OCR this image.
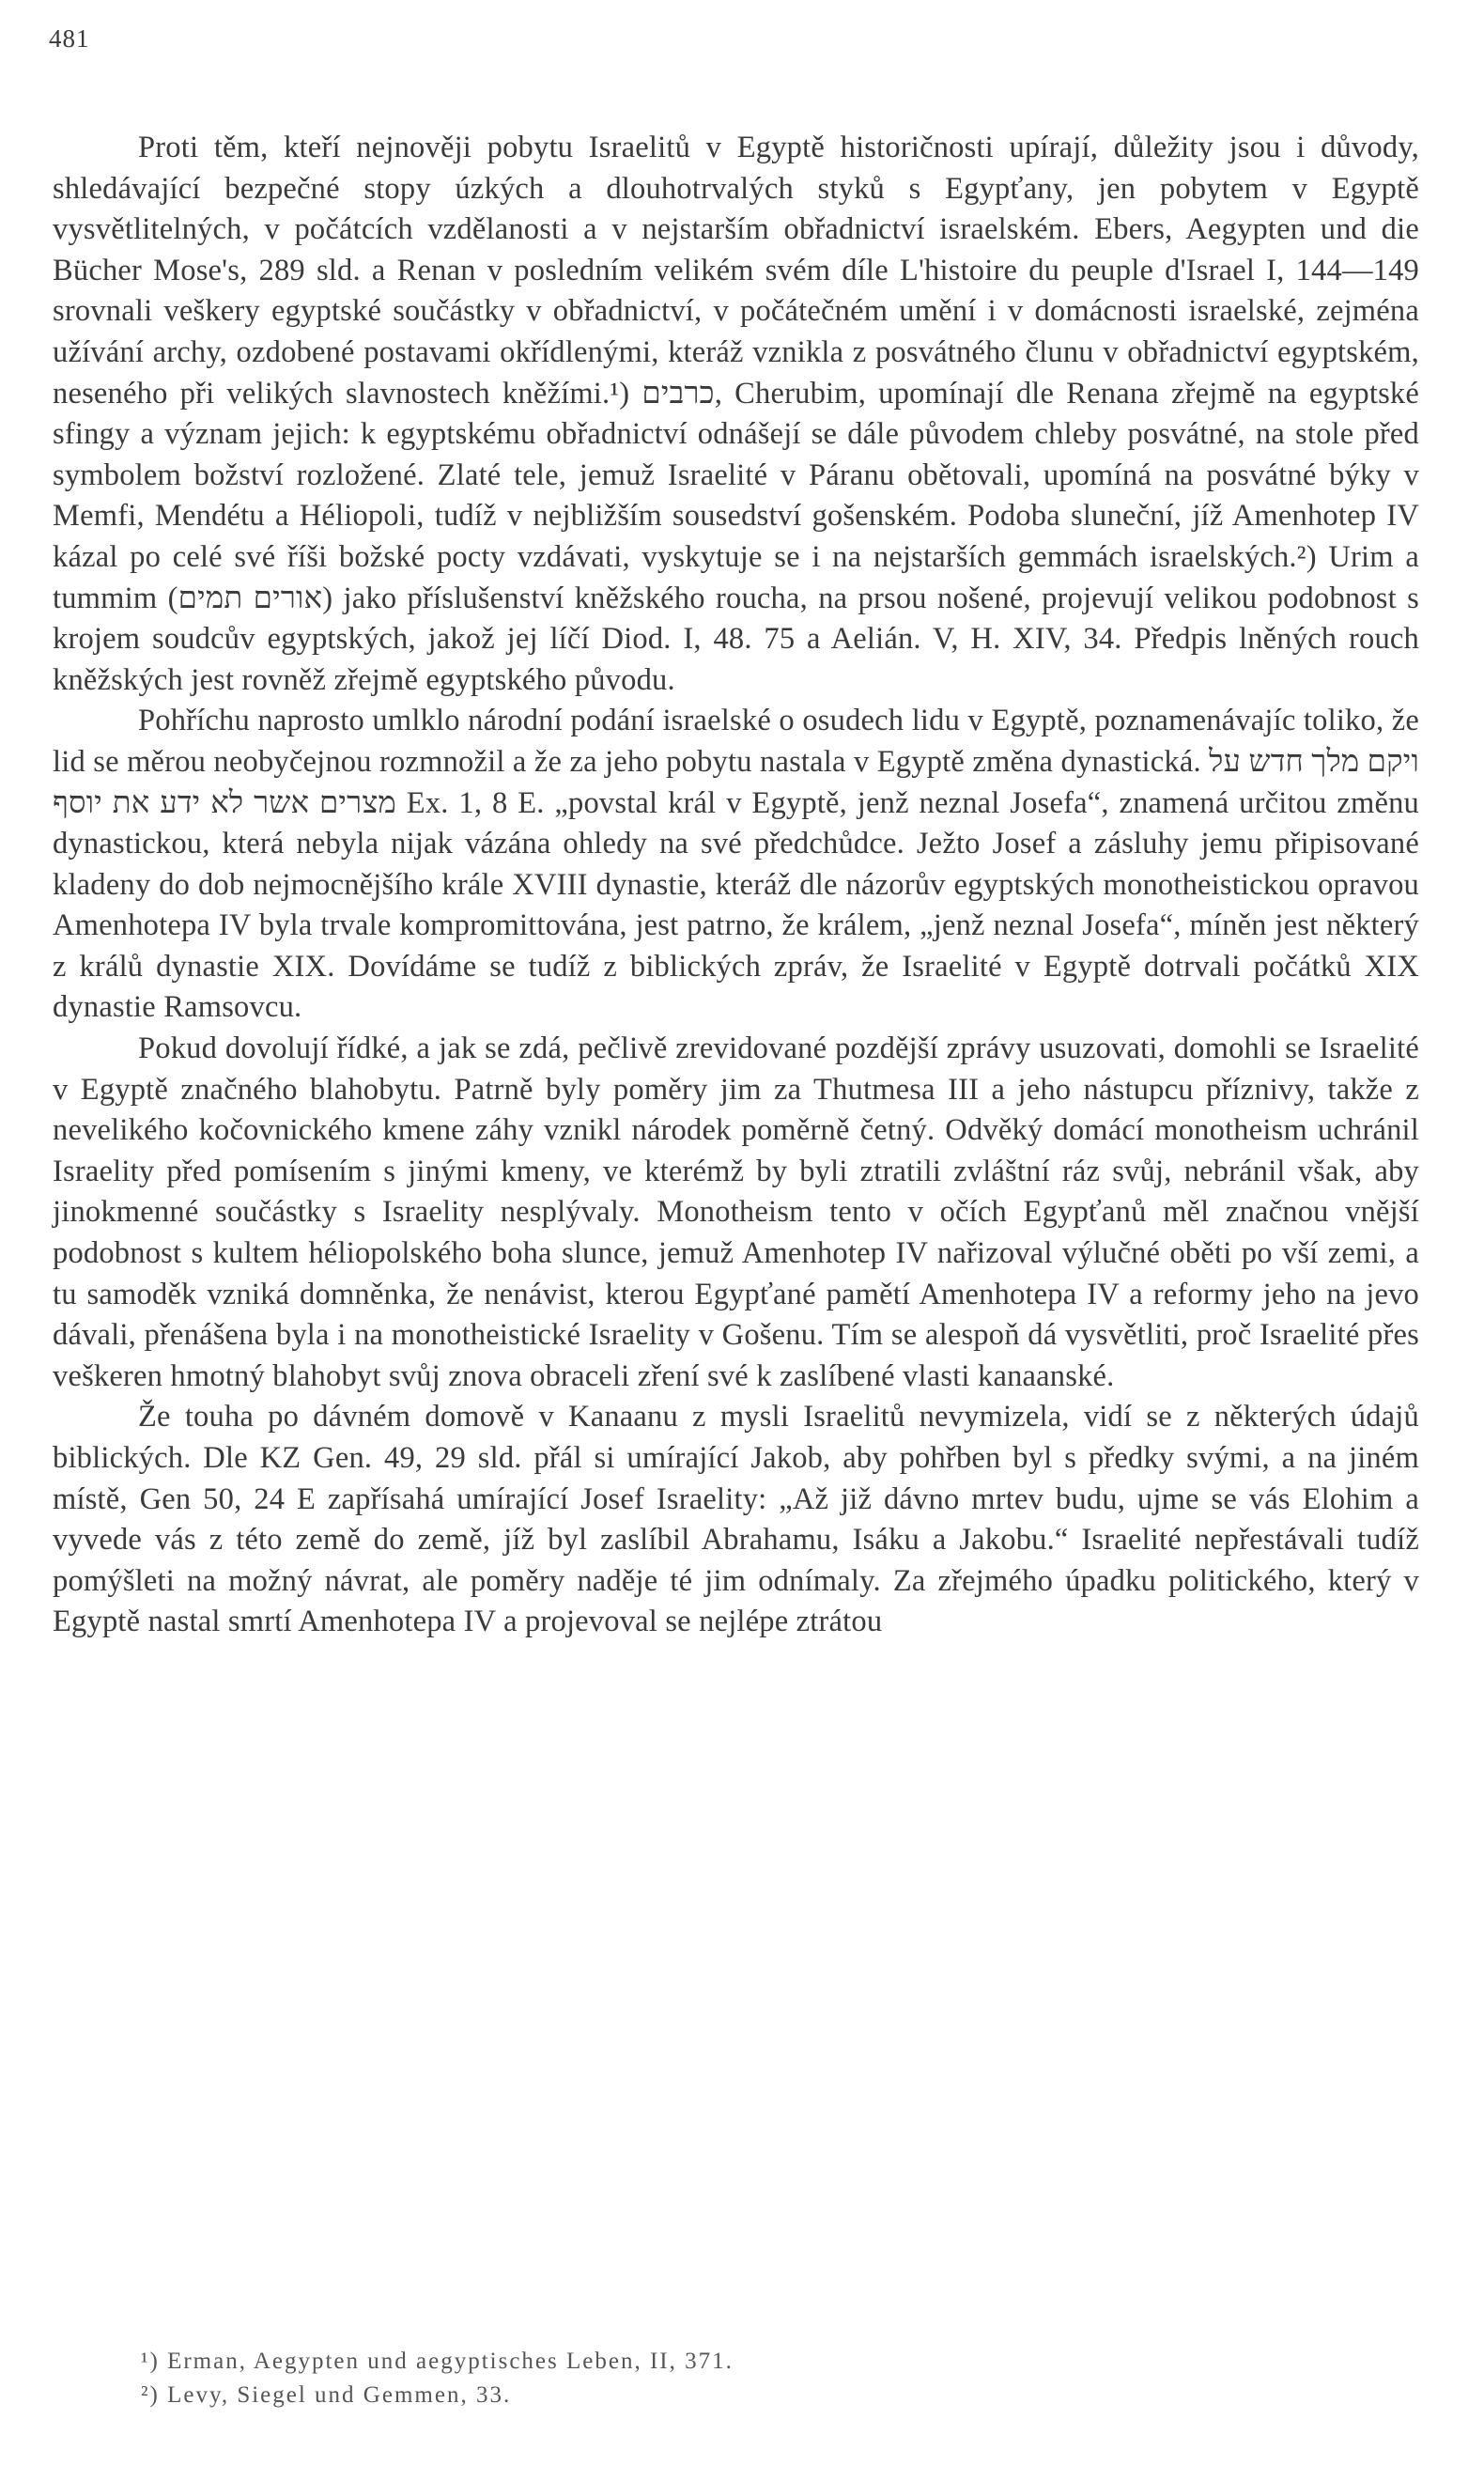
481

Proti těm, kteří nejnověji pobytu Israelitů v Egyptě historičnosti upírají, důležity jsou i důvody, shledávající bezpečné stopy úzkých a dlouhotrvalých styků s Egypťany, jen pobytem v Egyptě vysvětlitelných, v počátcích vzdělanosti a v nejstarším obřadnictví israelském. Ebers, Aegypten und die Bücher Mose's, 289 sld. a Renan v posledním velikém svém díle L'histoire du peuple d'Israel I, 144—149 srovnali veškery egyptské součástky v obřadnictví, v počátečném umění i v domácnosti israelské, zejména užívání archy, ozdobené postavami okřídlenými, kteráž vznikla z posvátného člunu v obřadnictví egyptském, neseného při velikých slavnostech kněžími.¹) כרבים, Cherubim, upomínají dle Renana zřejmě na egyptské sfingy a význam jejich: k egyptskému obřadnictví odnášejí se dále původem chleby posvátné, na stole před symbolem božství rozložené. Zlaté tele, jemuž Israelité v Páranu obětovali, upomíná na posvátné býky v Memfi, Mendétu a Héliopoli, tudíž v nejbližším sousedství gošenském. Podoba sluneční, jíž Amenhotep IV kázal po celé své říši božské pocty vzdávati, vyskytuje se i na nejstarších gemmách israelských.²) Urim a tummim (אורים תמים) jako příslušenství kněžského roucha, na prsou nošené, projevují velikou podobnost s krojem soudcův egyptských, jakož jej líčí Diod. I, 48. 75 a Aelián. V, H. XIV, 34. Předpis lněných rouch kněžských jest rovněž zřejmě egyptského původu.

Pohříchu naprosto umlklo národní podání israelské o osudech lidu v Egyptě, poznamenávajíc toliko, že lid se měrou neobyčejnou rozmnožil a že za jeho pobytu nastala v Egyptě změna dynastická. ויקם מלך חדש על מצרים אשר לא ידע את יוסף Ex. 1, 8 E. „povstal král v Egyptě, jenž neznal Josefa“, znamená určitou změnu dynastickou, která nebyla nijak vázána ohledy na své předchůdce. Ježto Josef a zásluhy jemu připisované kladeny do dob nejmocnějšího krále XVIII dynastie, kteráž dle názorův egyptských monotheistickou opravou Amenhotepa IV byla trvale kompromittována, jest patrno, že králem, „jenž neznal Josefa“, míněn jest některý z králů dynastie XIX. Dovídáme se tudíž z biblických zpráv, že Israelité v Egyptě dotrvali počátků XIX dynastie Ramsovcu.

Pokud dovolují řídké, a jak se zdá, pečlivě zrevidované pozdější zprávy usuzovati, domohli se Israelité v Egyptě značného blahobytu. Patrně byly poměry jim za Thutmesa III a jeho nástupcu příznivy, takže z nevelikého kočovnického kmene záhy vznikl národek poměrně četný. Odvěký domácí monotheism uchránil Israelity před pomísením s jinými kmeny, ve kterémž by byli ztratili zvláštní ráz svůj, nebránil však, aby jinokmenné součástky s Israelity nesplývaly. Monotheism tento v očích Egypťanů měl značnou vnější podobnost s kultem héliopolského boha slunce, jemuž Amenhotep IV nařizoval výlučné oběti po vší zemi, a tu samoděk vzniká domněnka, že nenávist, kterou Egypťané pamětí Amenhotepa IV a reformy jeho na jevo dávali, přenášena byla i na monotheistické Israelity v Gošenu. Tím se alespoň dá vysvětliti, proč Israelité přes veškeren hmotný blahobyt svůj znova obraceli zření své k zaslíbené vlasti kanaanské.

Že touha po dávném domově v Kanaanu z mysli Israelitů nevymizela, vidí se z některých údajů biblických. Dle KZ Gen. 49, 29 sld. přál si umírající Jakob, aby pohřben byl s předky svými, a na jiném místě, Gen 50, 24 E zapřísahá umírající Josef Israelity: „Až již dávno mrtev budu, ujme se vás Elohim a vyvede vás z této země do země, jíž byl zaslíbil Abrahamu, Isáku a Jakobu.“ Israelité nepřestávali tudíž pomýšleti na možný návrat, ale poměry naděje té jim odnímaly. Za zřejmého úpadku politického, který v Egyptě nastal smrtí Amenhotepa IV a projevoval se nejlépe ztrátou

¹) Erman, Aegypten und aegyptisches Leben, II, 371.

²) Levy, Siegel und Gemmen, 33.
